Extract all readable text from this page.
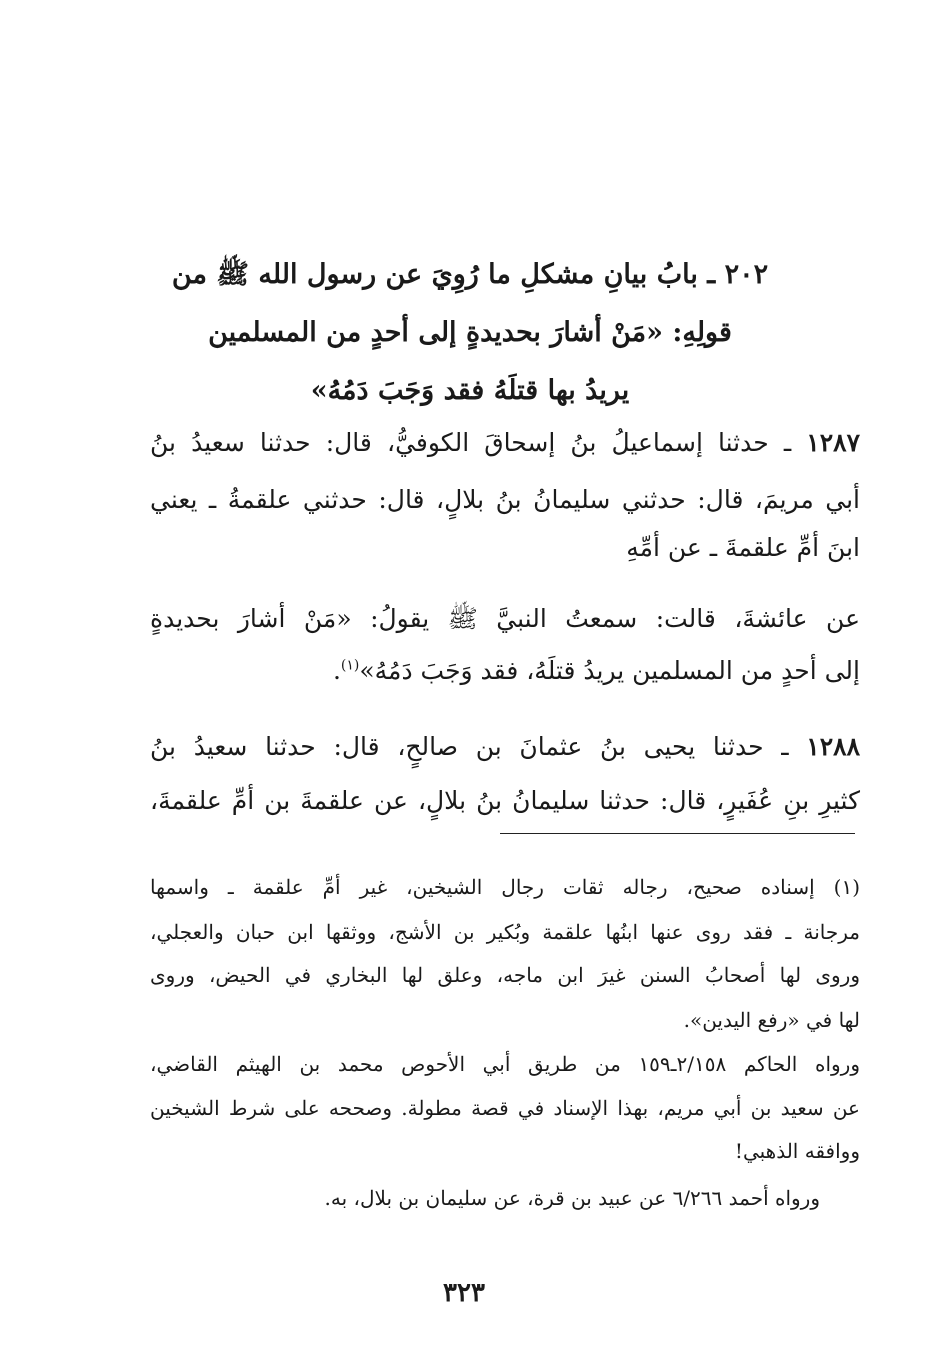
٢٠٢ ـ بابُ بيانِ مشكلِ ما رُوِيَ عن رسول الله ﷺ من
قولِهِ: «مَنْ أشارَ بحديدةٍ إلى أحدٍ من المسلمين
يريدُ بها قتلَهُ فقد وَجَبَ دَمُهُ»
١٢٨٧ ـ حدثنا إسماعيلُ بنُ إسحاقَ الكوفيُّ، قال: حدثنا سعيدُ بنُ
أبي مريمَ، قال: حدثني سليمانُ بنُ بلالٍ، قال: حدثني علقمةُ ـ يعني
ابنَ أمِّ علقمةَ ـ عن أمِّهِ
عن عائشةَ، قالت: سمعتُ النبيَّ ﷺ يقولُ: «مَنْ أشارَ بحديدةٍ
إلى أحدٍ من المسلمين يريدُ قتلَهُ، فقد وَجَبَ دَمُهُ»$^{(١)}$.
١٢٨٨ ـ حدثنا يحيى بنُ عثمانَ بن صالحٍ، قال: حدثنا سعيدُ بنُ
كثيرِ بنِ عُفَيرٍ، قال: حدثنا سليمانُ بنُ بلالٍ، عن علقمةَ بن أمِّ علقمةَ،
(١) إسناده صحيح، رجاله ثقات رجال الشيخين، غير أمِّ علقمة ـ واسمها
مرجانة ـ فقد روى عنها ابنُها علقمة وبُكير بن الأشج، ووثقها ابن حبان والعجلي،
وروى لها أصحابُ السنن غيرَ ابن ماجه، وعلق لها البخاري في الحيض، وروى
لها في «رفع اليدين».
ورواه الحاكم ٢/١٥٨ـ١٥٩ من طريق أبي الأحوص محمد بن الهيثم القاضي،
عن سعيد بن أبي مريم، بهذا الإسناد في قصة مطولة. وصححه على شرط الشيخين
ووافقه الذهبي!
ورواه أحمد ٦/٢٦٦ عن عبيد بن قرة، عن سليمان بن بلال، به.
٣٢٣
